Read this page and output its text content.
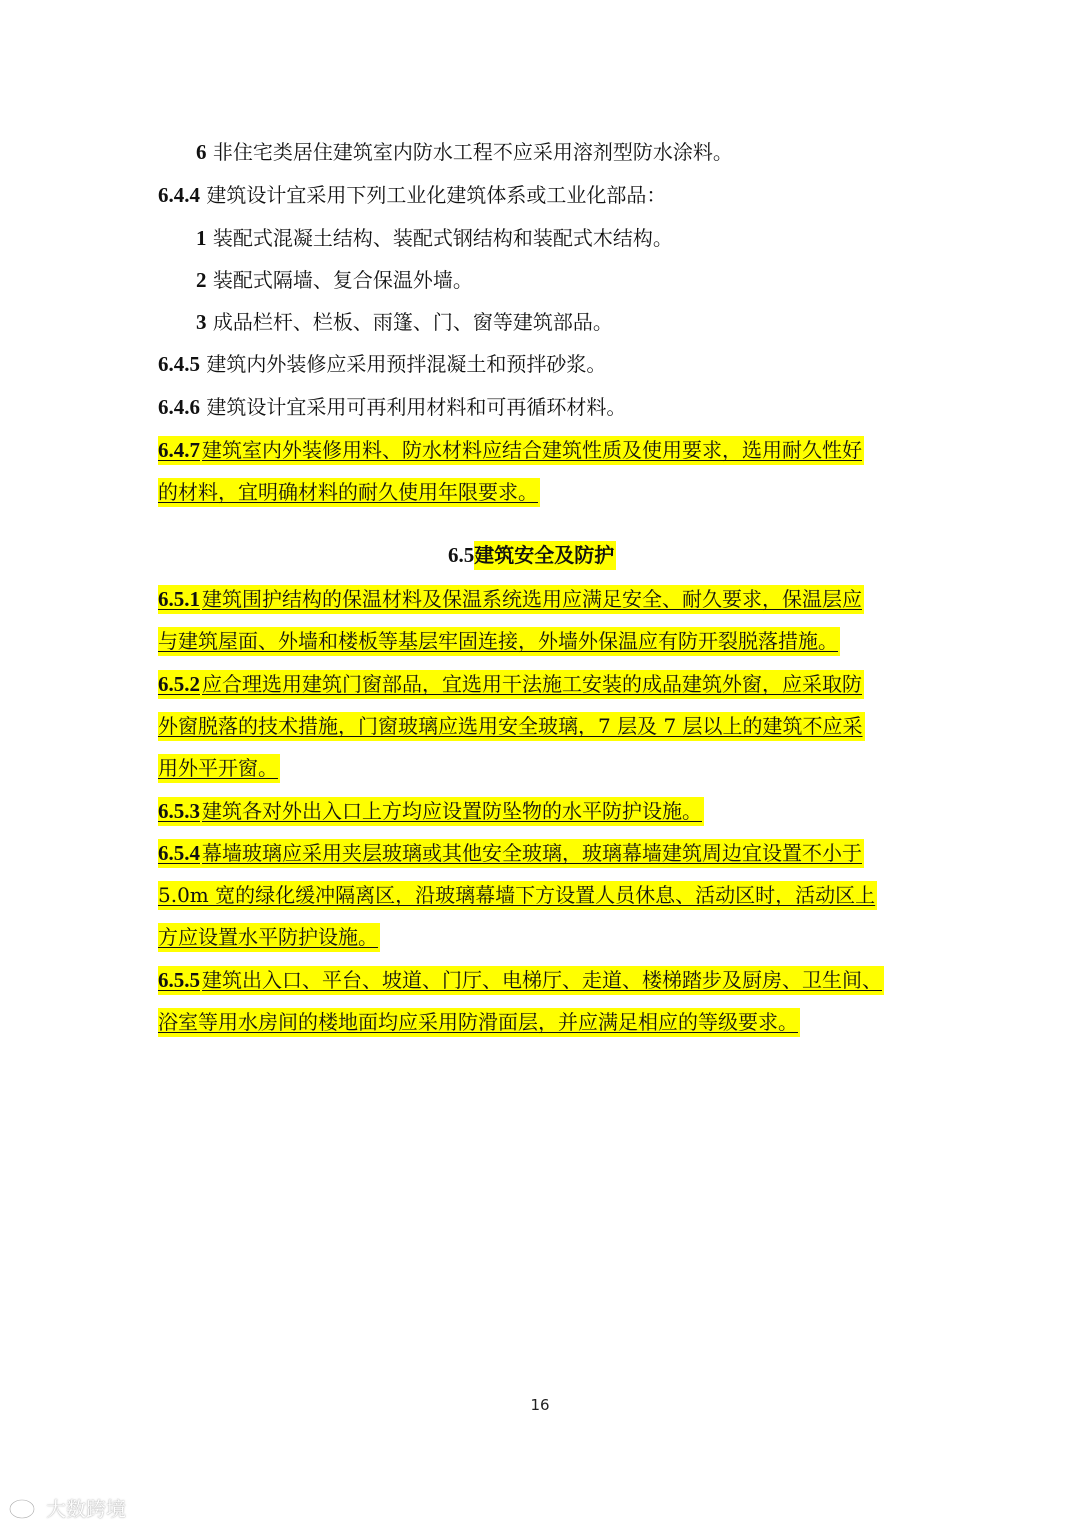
6 非住宅类居住建筑室内防水工程不应采用溶剂型防水涂料。
6.4.4 建筑设计宜采用下列工业化建筑体系或工业化部品：
1 装配式混凝土结构、装配式钢结构和装配式木结构。
2 装配式隔墙、复合保温外墙。
3 成品栏杆、栏板、雨篷、门、窗等建筑部品。
6.4.5 建筑内外装修应采用预拌混凝土和预拌砂浆。
6.4.6 建筑设计宜采用可再利用材料和可再循环材料。
6.4.7 建筑室内外装修用料、防水材料应结合建筑性质及使用要求，选用耐久性好
的材料，宜明确材料的耐久使用年限要求。
6.5建筑安全及防护
6.5.1 建筑围护结构的保温材料及保温系统选用应满足安全、耐久要求，保温层应
与建筑屋面、外墙和楼板等基层牢固连接，外墙外保温应有防开裂脱落措施。
6.5.2 应合理选用建筑门窗部品，宜选用干法施工安装的成品建筑外窗，应采取防
外窗脱落的技术措施，门窗玻璃应选用安全玻璃，7 层及 7 层以上的建筑不应采
用外平开窗。
6.5.3 建筑各对外出入口上方均应设置防坠物的水平防护设施。
6.5.4 幕墙玻璃应采用夹层玻璃或其他安全玻璃，玻璃幕墙建筑周边宜设置不小于
5.0m 宽的绿化缓冲隔离区，沿玻璃幕墙下方设置人员休息、活动区时，活动区上
方应设置水平防护设施。
6.5.5 建筑出入口、平台、坡道、门厅、电梯厅、走道、楼梯踏步及厨房、卫生间、
浴室等用水房间的楼地面均应采用防滑面层，并应满足相应的等级要求。
16
大数跨境
